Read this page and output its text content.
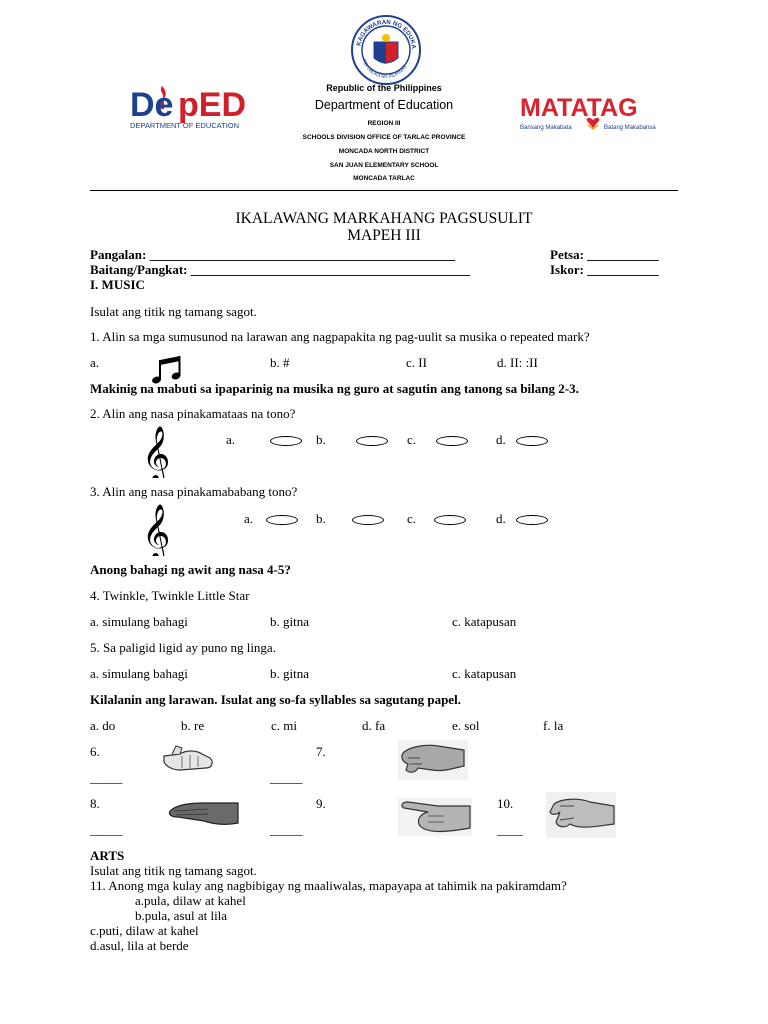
De pED
DEPARTMENT OF EDUCATION
KAGAWARAN NG EDUKA
REPUBLIKA NG PILIPINAS
Republic of the Philippines
Department of Education
REGION III
SCHOOLS DIVISION OFFICE OF TARLAC PROVINCE
MONCADA NORTH DISTRICT
SAN JUAN ELEMENTARY SCHOOL
MONCADA TARLAC
MATATAG
Bansang Makabata	Batang Makabansa
IKALAWANG MARKAHANG PAGSUSULIT
MAPEH III
Pangalan: _______________________________________________	Petsa: ___________
Baitang/Pangkat: ___________________________________________	Iskor: ___________
I. MUSIC
Isulat ang titik ng tamang sagot.
1. Alin sa mga sumusunod na larawan ang nagpapakita ng pag-uulit sa musika o repeated mark?
a.	b. #	c. II	d. II: :II
Makinig na mabuti sa ipaparinig na musika ng guro at sagutin ang tanong sa bilang 2-3.
2. Alin ang nasa pinakamataas na tono?
𝄞	a.	b.	c.	d.
3. Alin ang nasa pinakamababang tono?
𝄞	a.	b.	c.	d.
Anong bahagi ng awit ang nasa 4-5?
4. Twinkle, Twinkle Little Star
a. simulang bahagi	b. gitna	c. katapusan
5. Sa paligid ligid ay puno ng linga.
a. simulang bahagi	b. gitna	c. katapusan
Kilalanin ang larawan. Isulat ang so-fa syllables sa sagutang papel.
a. do	b. re	c. mi	d. fa	e. sol	f. la
6.
_____
7.
_____
8.
_____
9.
_____
10.
____
ARTS
Isulat ang titik ng tamang sagot.
11. Anong mga kulay ang nagbibigay ng maaliwalas, mapayapa at tahimik na pakiramdam?
a.pula, dilaw at kahel
b.pula, asul at lila
c.puti, dilaw at kahel
d.asul, lila at berde
